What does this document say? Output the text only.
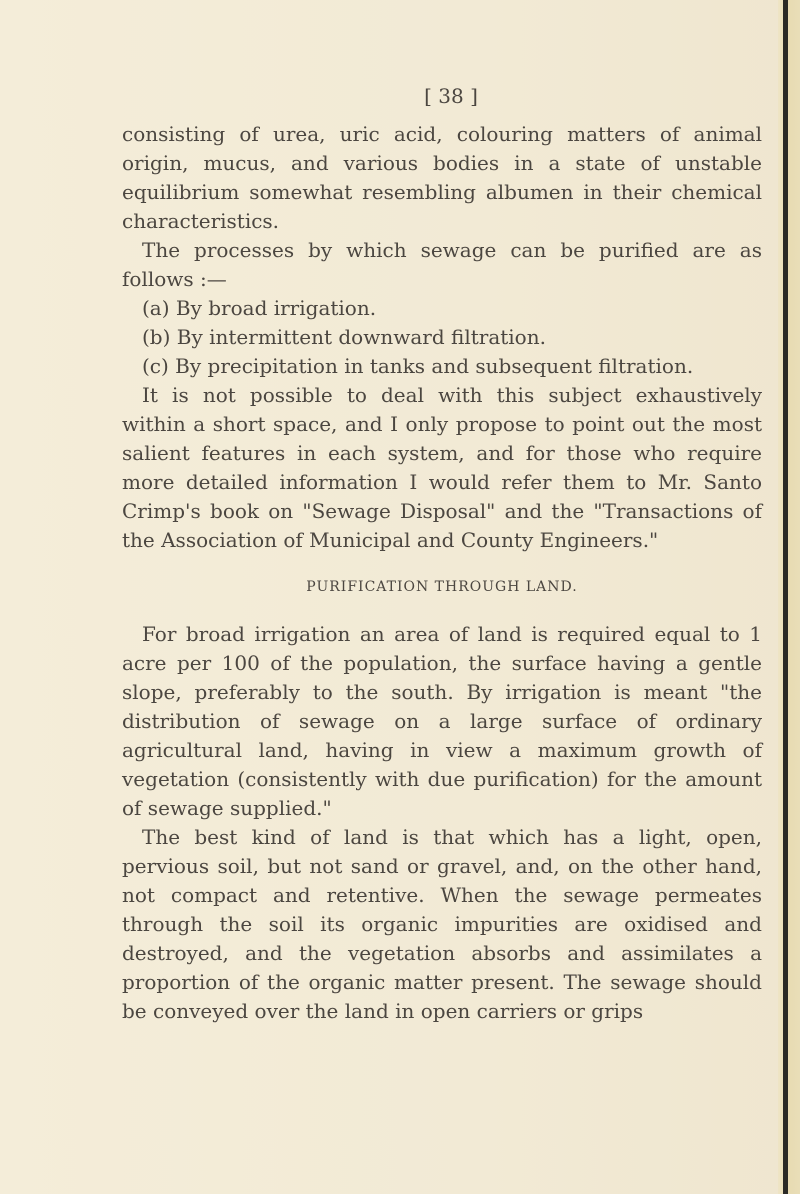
[ 38 ]

consisting of urea, uric acid, colouring matters of animal origin, mucus, and various bodies in a state of unstable equilibrium somewhat resembling albumen in their chemical characteristics.

The processes by which sewage can be purified are as follows :—

(a) By broad irrigation.

(b) By intermittent downward filtration.

(c) By precipitation in tanks and subsequent filtration.

It is not possible to deal with this subject exhaustively within a short space, and I only propose to point out the most salient features in each system, and for those who require more detailed information I would refer them to Mr. Santo Crimp's book on "Sewage Disposal" and the "Transactions of the Association of Municipal and County Engineers."

PURIFICATION THROUGH LAND.

For broad irrigation an area of land is required equal to 1 acre per 100 of the population, the surface having a gentle slope, preferably to the south. By irrigation is meant "the distribution of sewage on a large surface of ordinary agricultural land, having in view a maximum growth of vegetation (consistently with due purification) for the amount of sewage supplied."

The best kind of land is that which has a light, open, pervious soil, but not sand or gravel, and, on the other hand, not compact and retentive. When the sewage permeates through the soil its organic impurities are oxidised and destroyed, and the vegetation absorbs and assimilates a proportion of the organic matter present. The sewage should be conveyed over the land in open carriers or grips
